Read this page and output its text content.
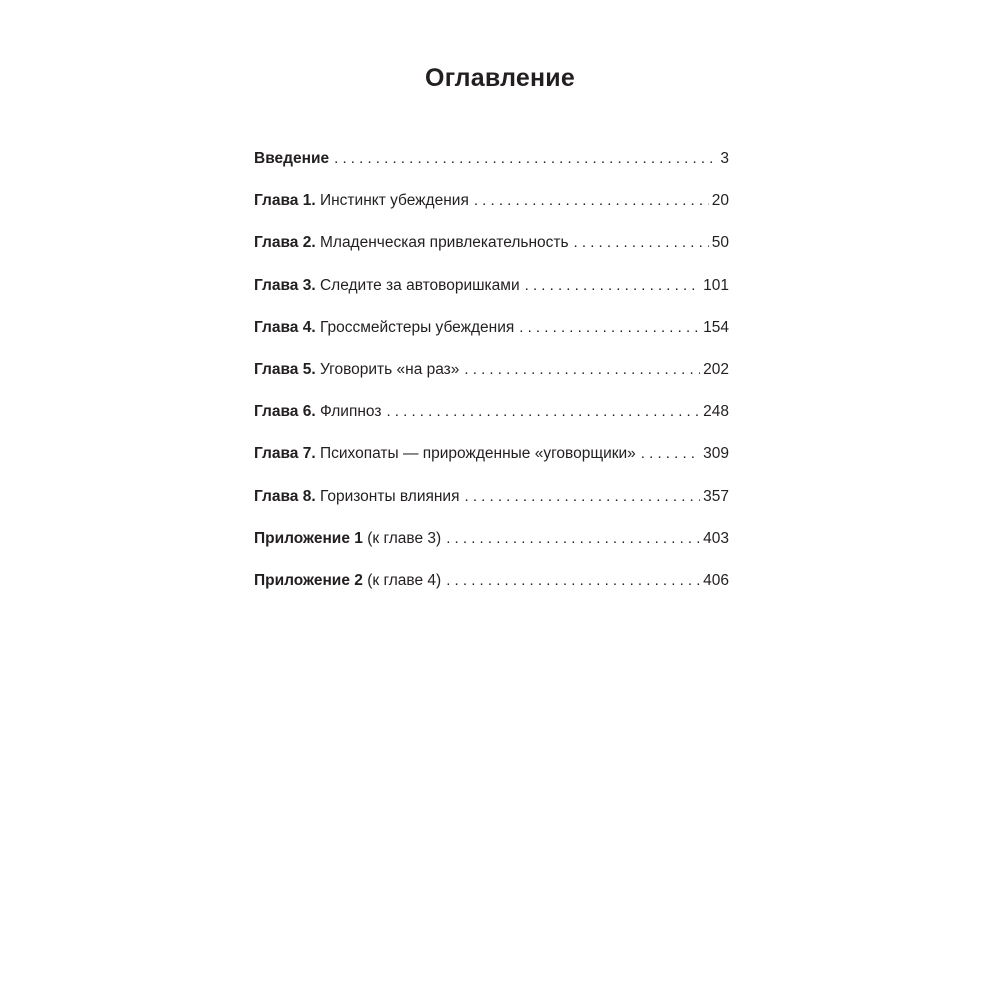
Оглавление
Введение . . .	3
Глава 1. Инстинкт убеждения . . .	20
Глава 2. Младенческая привлекательность . . .	50
Глава 3. Следите за автоворишками . . .	101
Глава 4. Гроссмейстеры убеждения . . .	154
Глава 5. Уговорить «на раз» . . .	202
Глава 6. Флипноз . . .	248
Глава 7. Психопаты — прирожденные «уговорщики» . . .	309
Глава 8. Горизонты влияния . . .	357
Приложение 1 (к главе 3) . . .	403
Приложение 2 (к главе 4) . . .	406
